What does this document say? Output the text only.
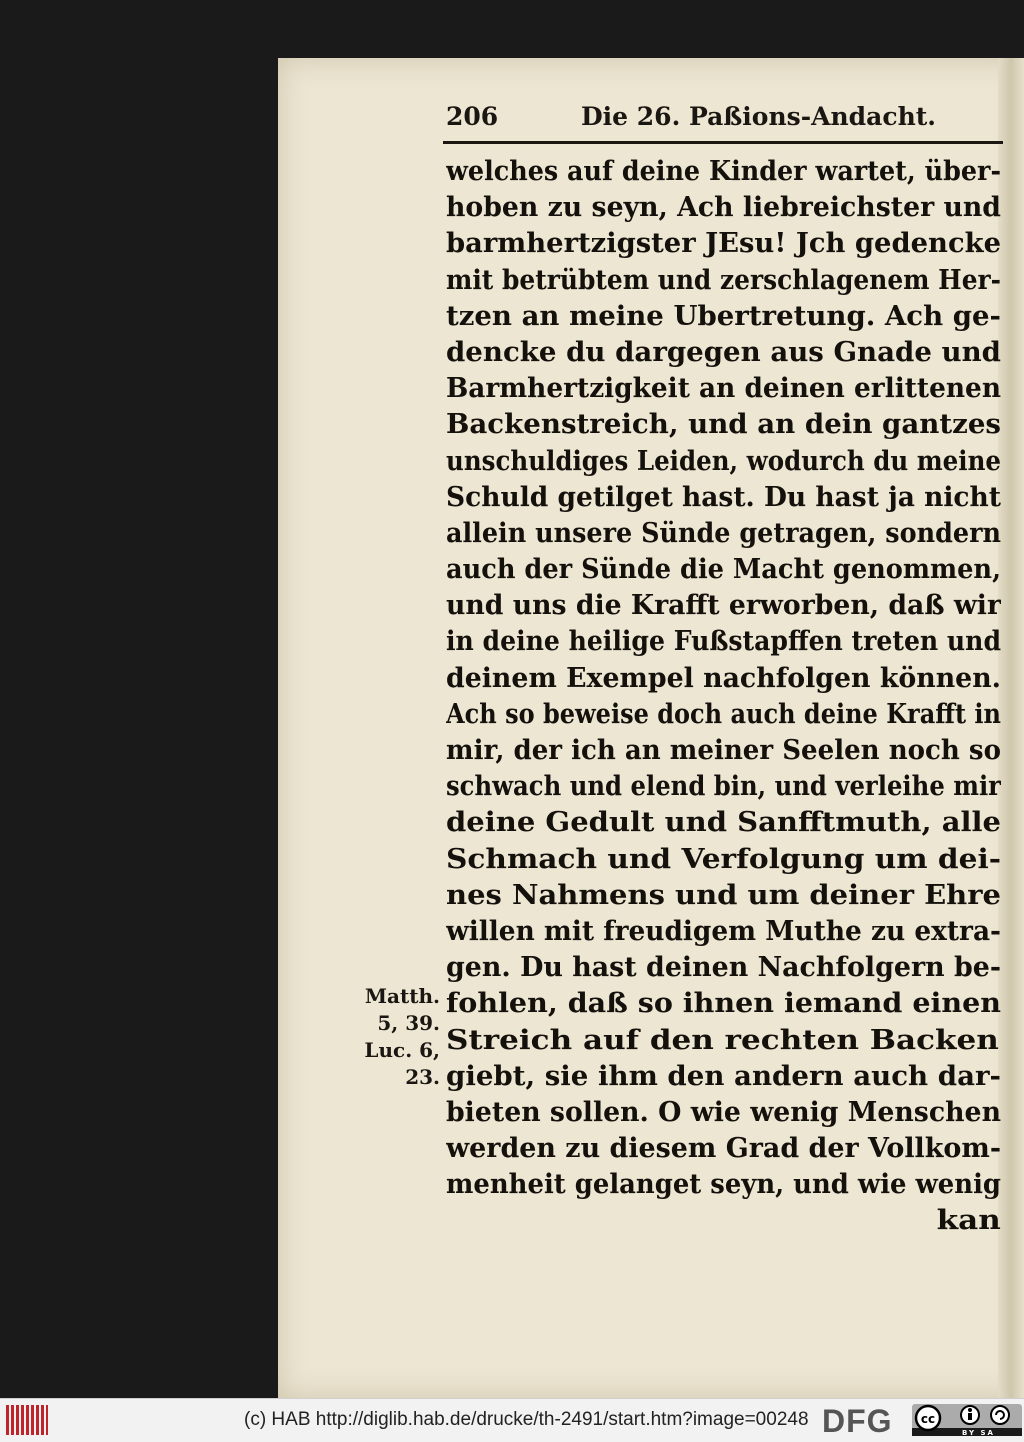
206	Die 26. Paßions-Andacht.
welches auf deine Kinder wartet, über-
hoben zu seyn, Ach liebreichster und
barmhertzigster JEsu! Jch gedencke
mit betrübtem und zerschlagenem Her-
tzen an meine Ubertretung. Ach ge-
dencke du dargegen aus Gnade und
Barmhertzigkeit an deinen erlittenen
Backenstreich, und an dein gantzes
unschuldiges Leiden, wodurch du meine
Schuld getilget hast. Du hast ja nicht
allein unsere Sünde getragen, sondern
auch der Sünde die Macht genommen,
und uns die Krafft erworben, daß wir
in deine heilige Fußstapffen treten und
deinem Exempel nachfolgen können.
Ach so beweise doch auch deine Krafft in
mir, der ich an meiner Seelen noch so
schwach und elend bin, und verleihe mir
deine Gedult und Sanfftmuth, alle
Schmach und Verfolgung um dei-
nes Nahmens und um deiner Ehre
willen mit freudigem Muthe zu extra-
gen. Du hast deinen Nachfolgern be-
fohlen, daß so ihnen iemand einen
Streich auf den rechten Backen
giebt, sie ihm den andern auch dar-
bieten sollen. O wie wenig Menschen
werden zu diesem Grad der Vollkom-
menheit gelanget seyn, und wie wenig
kan
Matth.
5, 39.
Luc. 6,
23.
(c) HAB http://diglib.hab.de/drucke/th-2491/start.htm?image=00248 DFG cc
BY SA
